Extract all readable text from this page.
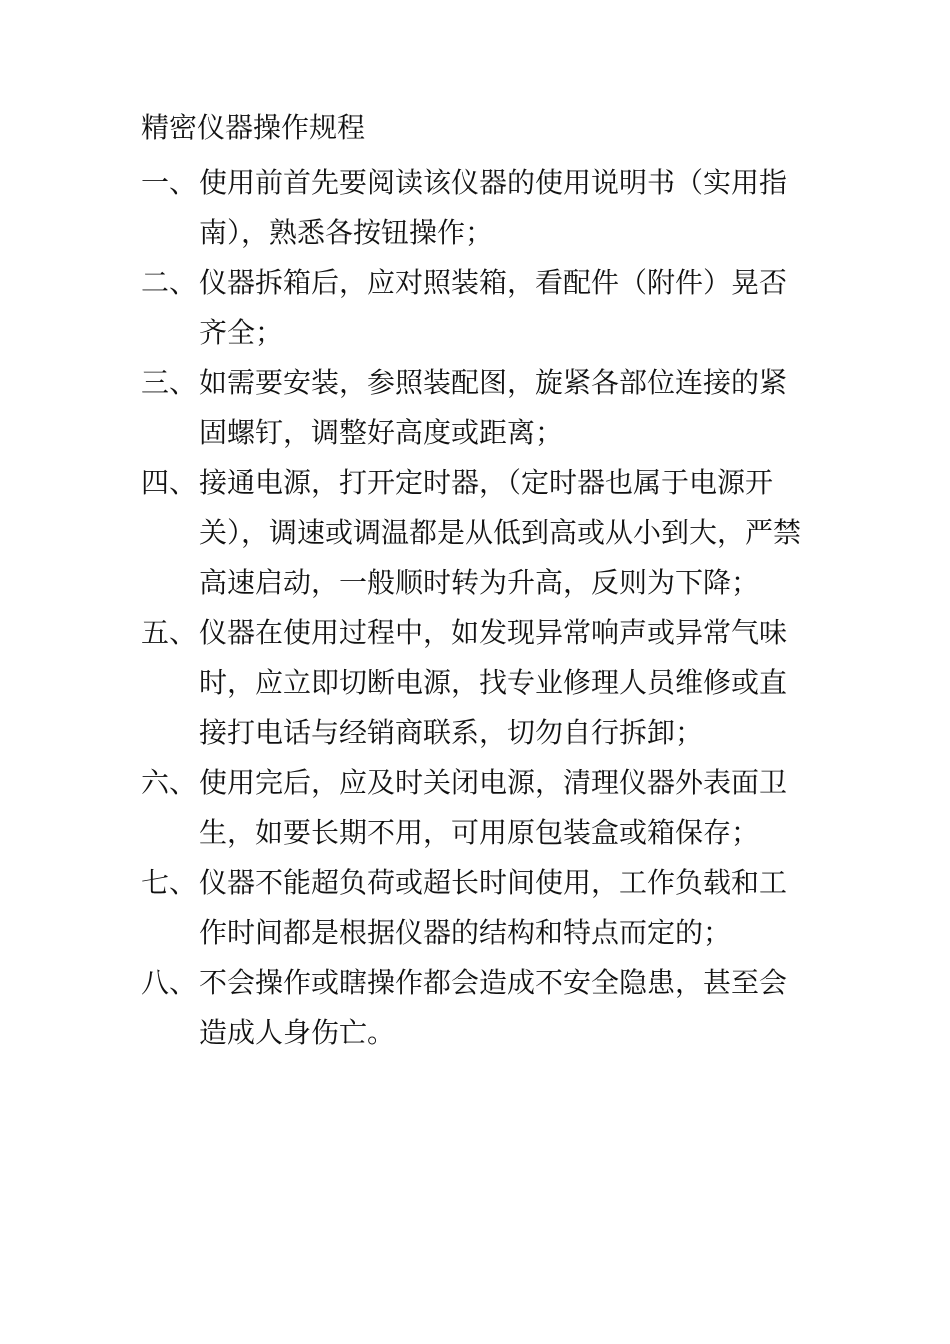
精密仪器操作规程
一、 使用前首先要阅读该仪器的使用说明书（实用指南），熟悉各按钮操作；
二、 仪器拆箱后，应对照装箱，看配件（附件）晃否齐全；
三、 如需要安装，参照装配图，旋紧各部位连接的紧固螺钉，调整好高度或距离；
四、 接通电源，打开定时器，（定时器也属于电源开关），调速或调温都是从低到高或从小到大，严禁高速启动，一般顺时转为升高，反则为下降；
五、 仪器在使用过程中，如发现异常响声或异常气味时，应立即切断电源，找专业修理人员维修或直接打电话与经销商联系，切勿自行拆卸；
六、 使用完后，应及时关闭电源，清理仪器外表面卫生，如要长期不用，可用原包装盒或箱保存；
七、 仪器不能超负荷或超长时间使用，工作负载和工作时间都是根据仪器的结构和特点而定的；
八、 不会操作或瞎操作都会造成不安全隐患，甚至会造成人身伤亡。
